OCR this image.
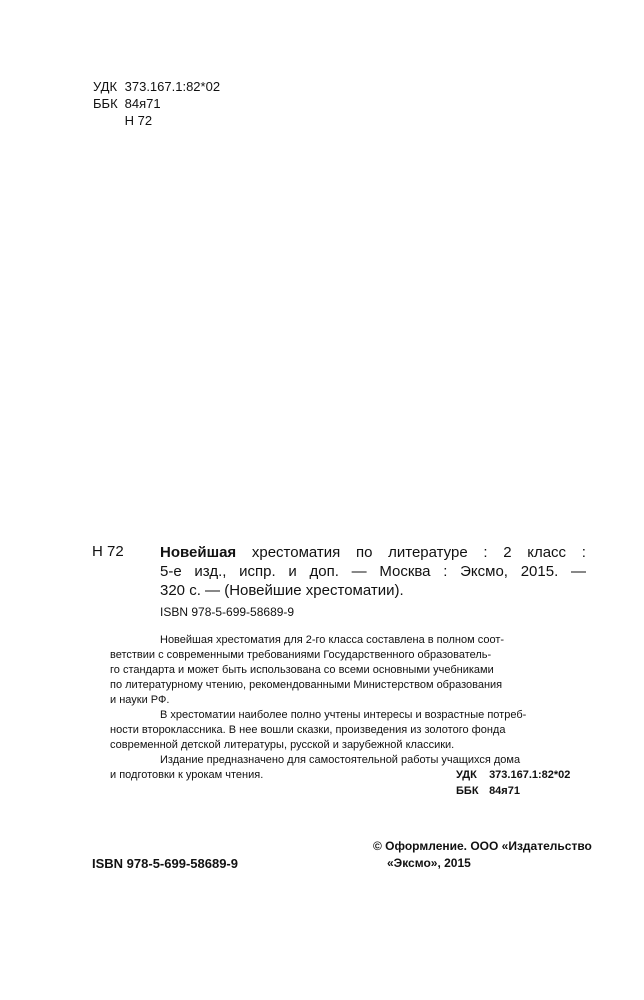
УДК 373.167.1:82*02
ББК 84я71
Н 72
Н 72 Новейшая хрестоматия по литературе : 2 класс :
5-е изд., испр. и доп. — Москва : Эксмо, 2015. —
320 с. — (Новейшие хрестоматии).
ISBN 978-5-699-58689-9

Новейшая хрестоматия для 2-го класса составлена в полном соот-
ветствии с современными требованиями Государственного образователь-
го стандарта и может быть использована со всеми основными учебниками
по литературному чтению, рекомендованными Министерством образования
и науки РФ.

В хрестоматии наиболее полно учтены интересы и возрастные потреб-
ности второклассника. В нее вошли сказки, произведения из золотого фонда
современной детской литературы, русской и зарубежной классики.

Издание предназначено для самостоятельной работы учащихся дома
и подготовки к урокам чтения.	УДК 373.167.1:82*02
ББК 84я71
ISBN 978-5-699-58689-9
© Оформление. ООО «Издательство
«Эксмо», 2015
